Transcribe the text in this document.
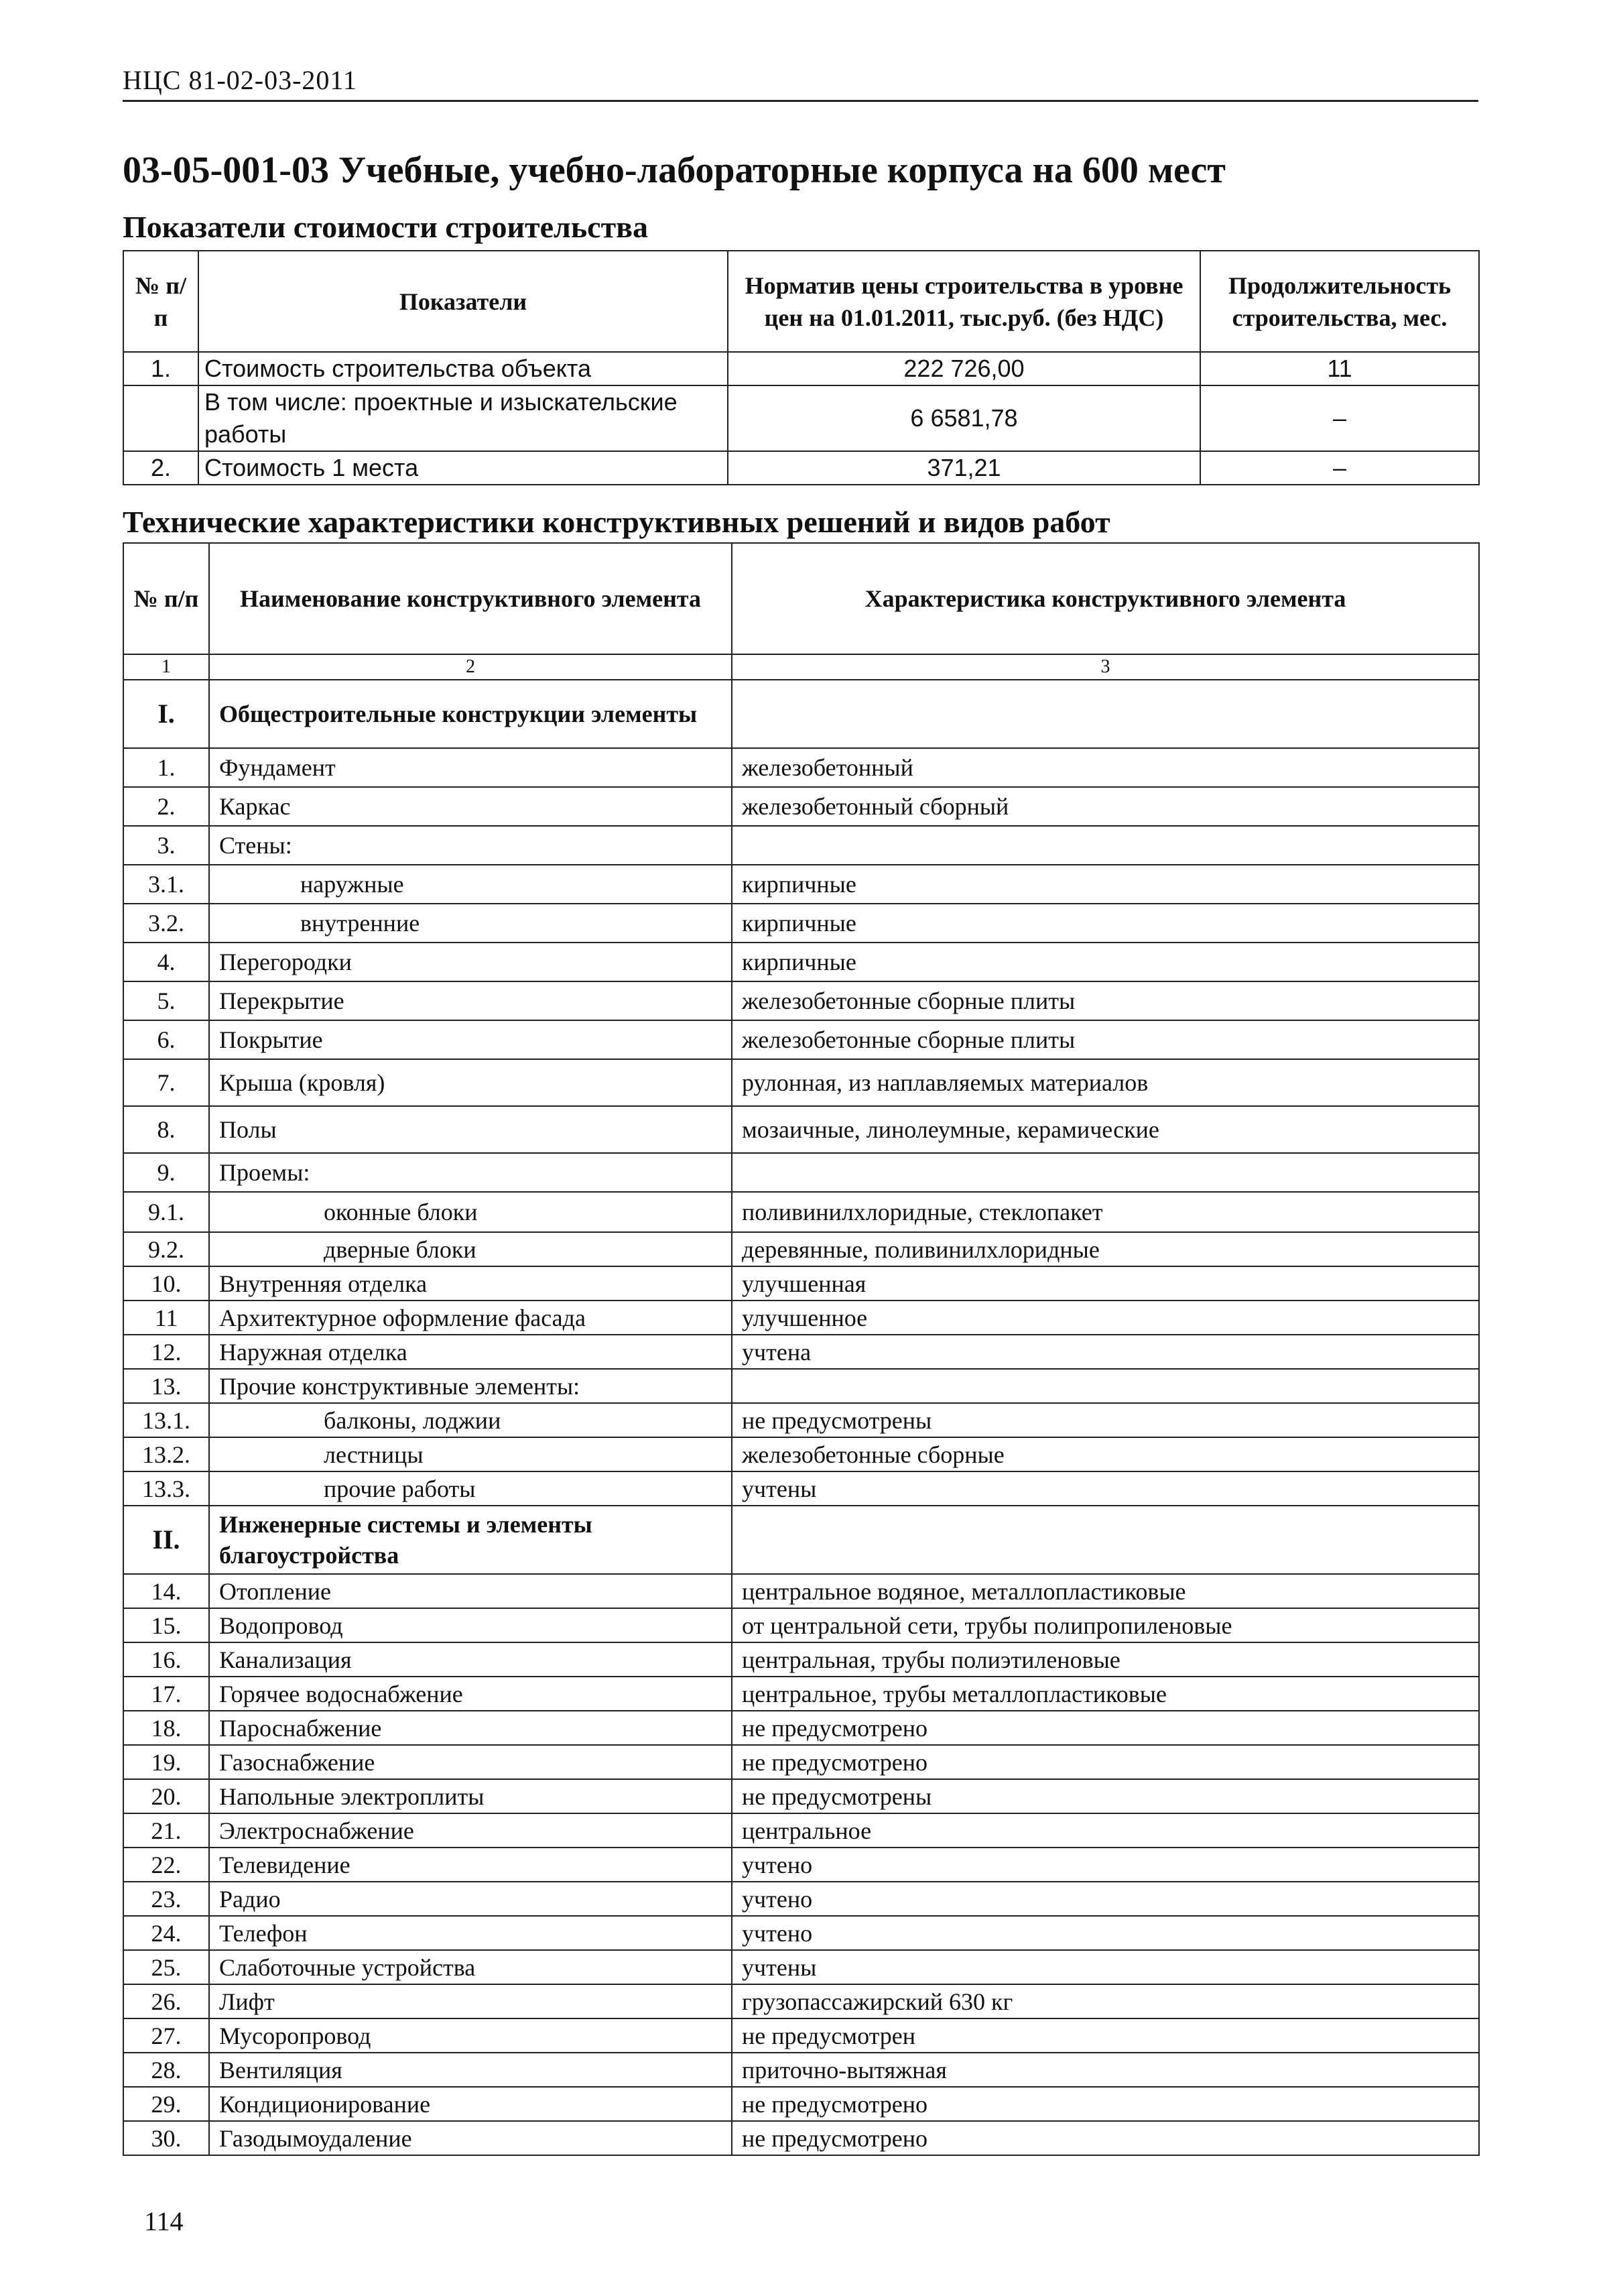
НЦС 81-02-03-2011
03-05-001-03 Учебные, учебно-лабораторные корпуса на 600 мест
Показатели стоимости строительства
№ п/п	Показатели	Норматив цены строительства в уровне цен на 01.01.2011, тыс.руб. (без НДС)	Продолжительность строительства, мес.
1.	Стоимость строительства объекта	222 726,00	11
	В том числе: проектные и изыскательские работы	6 6581,78	–
2.	Стоимость 1 места	371,21	–
Технические характеристики конструктивных решений и видов работ
№ п/п	Наименование конструктивного элемента	Характеристика конструктивного элемента
1	2	3
I.	Общестроительные конструкции элементы	
1.	Фундамент	железобетонный
2.	Каркас	железобетонный сборный
3.	Стены:	
3.1.	наружные	кирпичные
3.2.	внутренние	кирпичные
4.	Перегородки	кирпичные
5.	Перекрытие	железобетонные сборные плиты
6.	Покрытие	железобетонные сборные плиты
7.	Крыша (кровля)	рулонная, из наплавляемых материалов
8.	Полы	мозаичные, линолеумные, керамические
9.	Проемы:	
9.1.	оконные блоки	поливинилхлоридные, стеклопакет
9.2.	дверные блоки	деревянные, поливинилхлоридные
10.	Внутренняя отделка	улучшенная
11	Архитектурное оформление фасада	улучшенное
12.	Наружная отделка	учтена
13.	Прочие конструктивные элементы:	
13.1.	балконы, лоджии	не предусмотрены
13.2.	лестницы	железобетонные сборные
13.3.	прочие работы	учтены
II.	Инженерные системы и элементы благоустройства	
14.	Отопление	центральное водяное, металлопластиковые
15.	Водопровод	от центральной сети, трубы полипропиленовые
16.	Канализация	центральная, трубы полиэтиленовые
17.	Горячее водоснабжение	центральное, трубы металлопластиковые
18.	Пароснабжение	не предусмотрено
19.	Газоснабжение	не предусмотрено
20.	Напольные электроплиты	не предусмотрены
21.	Электроснабжение	центральное
22.	Телевидение	учтено
23.	Радио	учтено
24.	Телефон	учтено
25.	Слаботочные устройства	учтены
26.	Лифт	грузопассажирский 630 кг
27.	Мусоропровод	не предусмотрен
28.	Вентиляция	приточно-вытяжная
29.	Кондиционирование	не предусмотрено
30.	Газодымоудаление	не предусмотрено
114
